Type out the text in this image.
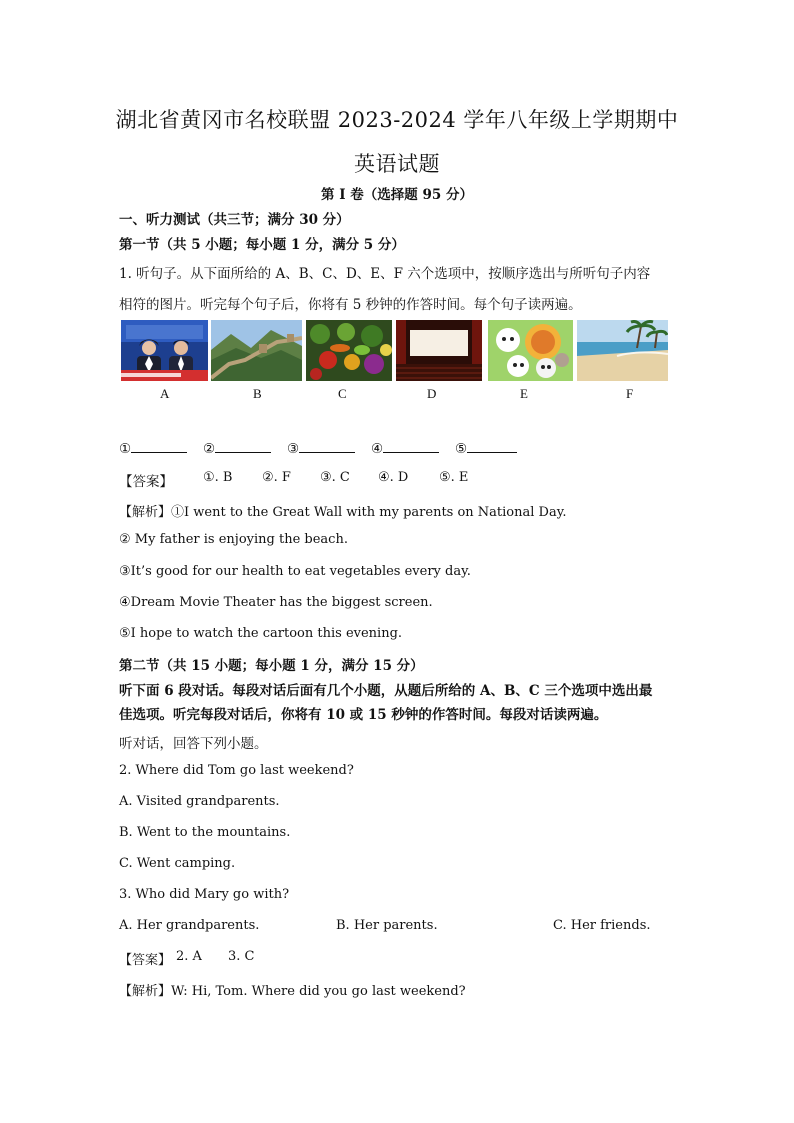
湖北省黄冈市名校联盟 2023-2024 学年八年级上学期期中
英语试题
第 I 卷（选择题 95 分）
一、听力测试（共三节；满分 30 分）
第一节（共 5 小题；每小题 1 分，满分 5 分）
1. 听句子。从下面所给的 A、B、C、D、E、F 六个选项中，按顺序选出与所听句子内容
相符的图片。听完每个句子后，你将有 5 秒钟的作答时间。每个句子读两遍。
A	B	C	D	E	F
①	②	③	④	⑤
【答案】 ①. B ②. F ③. C ④. D ⑤. E
【解析】①I went to the Great Wall with my parents on National Day.
② My father is enjoying the beach.
③It’s good for our health to eat vegetables every day.
④Dream Movie Theater has the biggest screen.
⑤I hope to watch the cartoon this evening.
第二节（共 15 小题；每小题 1 分，满分 15 分）
听下面 6 段对话。每段对话后面有几个小题，从题后所给的 A、B、C 三个选项中选出最
佳选项。听完每段对话后，你将有 10 或 15 秒钟的作答时间。每段对话读两遍。
听对话，回答下列小题。
2. Where did Tom go last weekend?
A. Visited grandparents.
B. Went to the mountains.
C. Went camping.
3. Who did Mary go with?
A. Her grandparents.	B. Her parents.	C. Her friends.
【答案】 2. A 3. C
【解析】W: Hi, Tom. Where did you go last weekend?
